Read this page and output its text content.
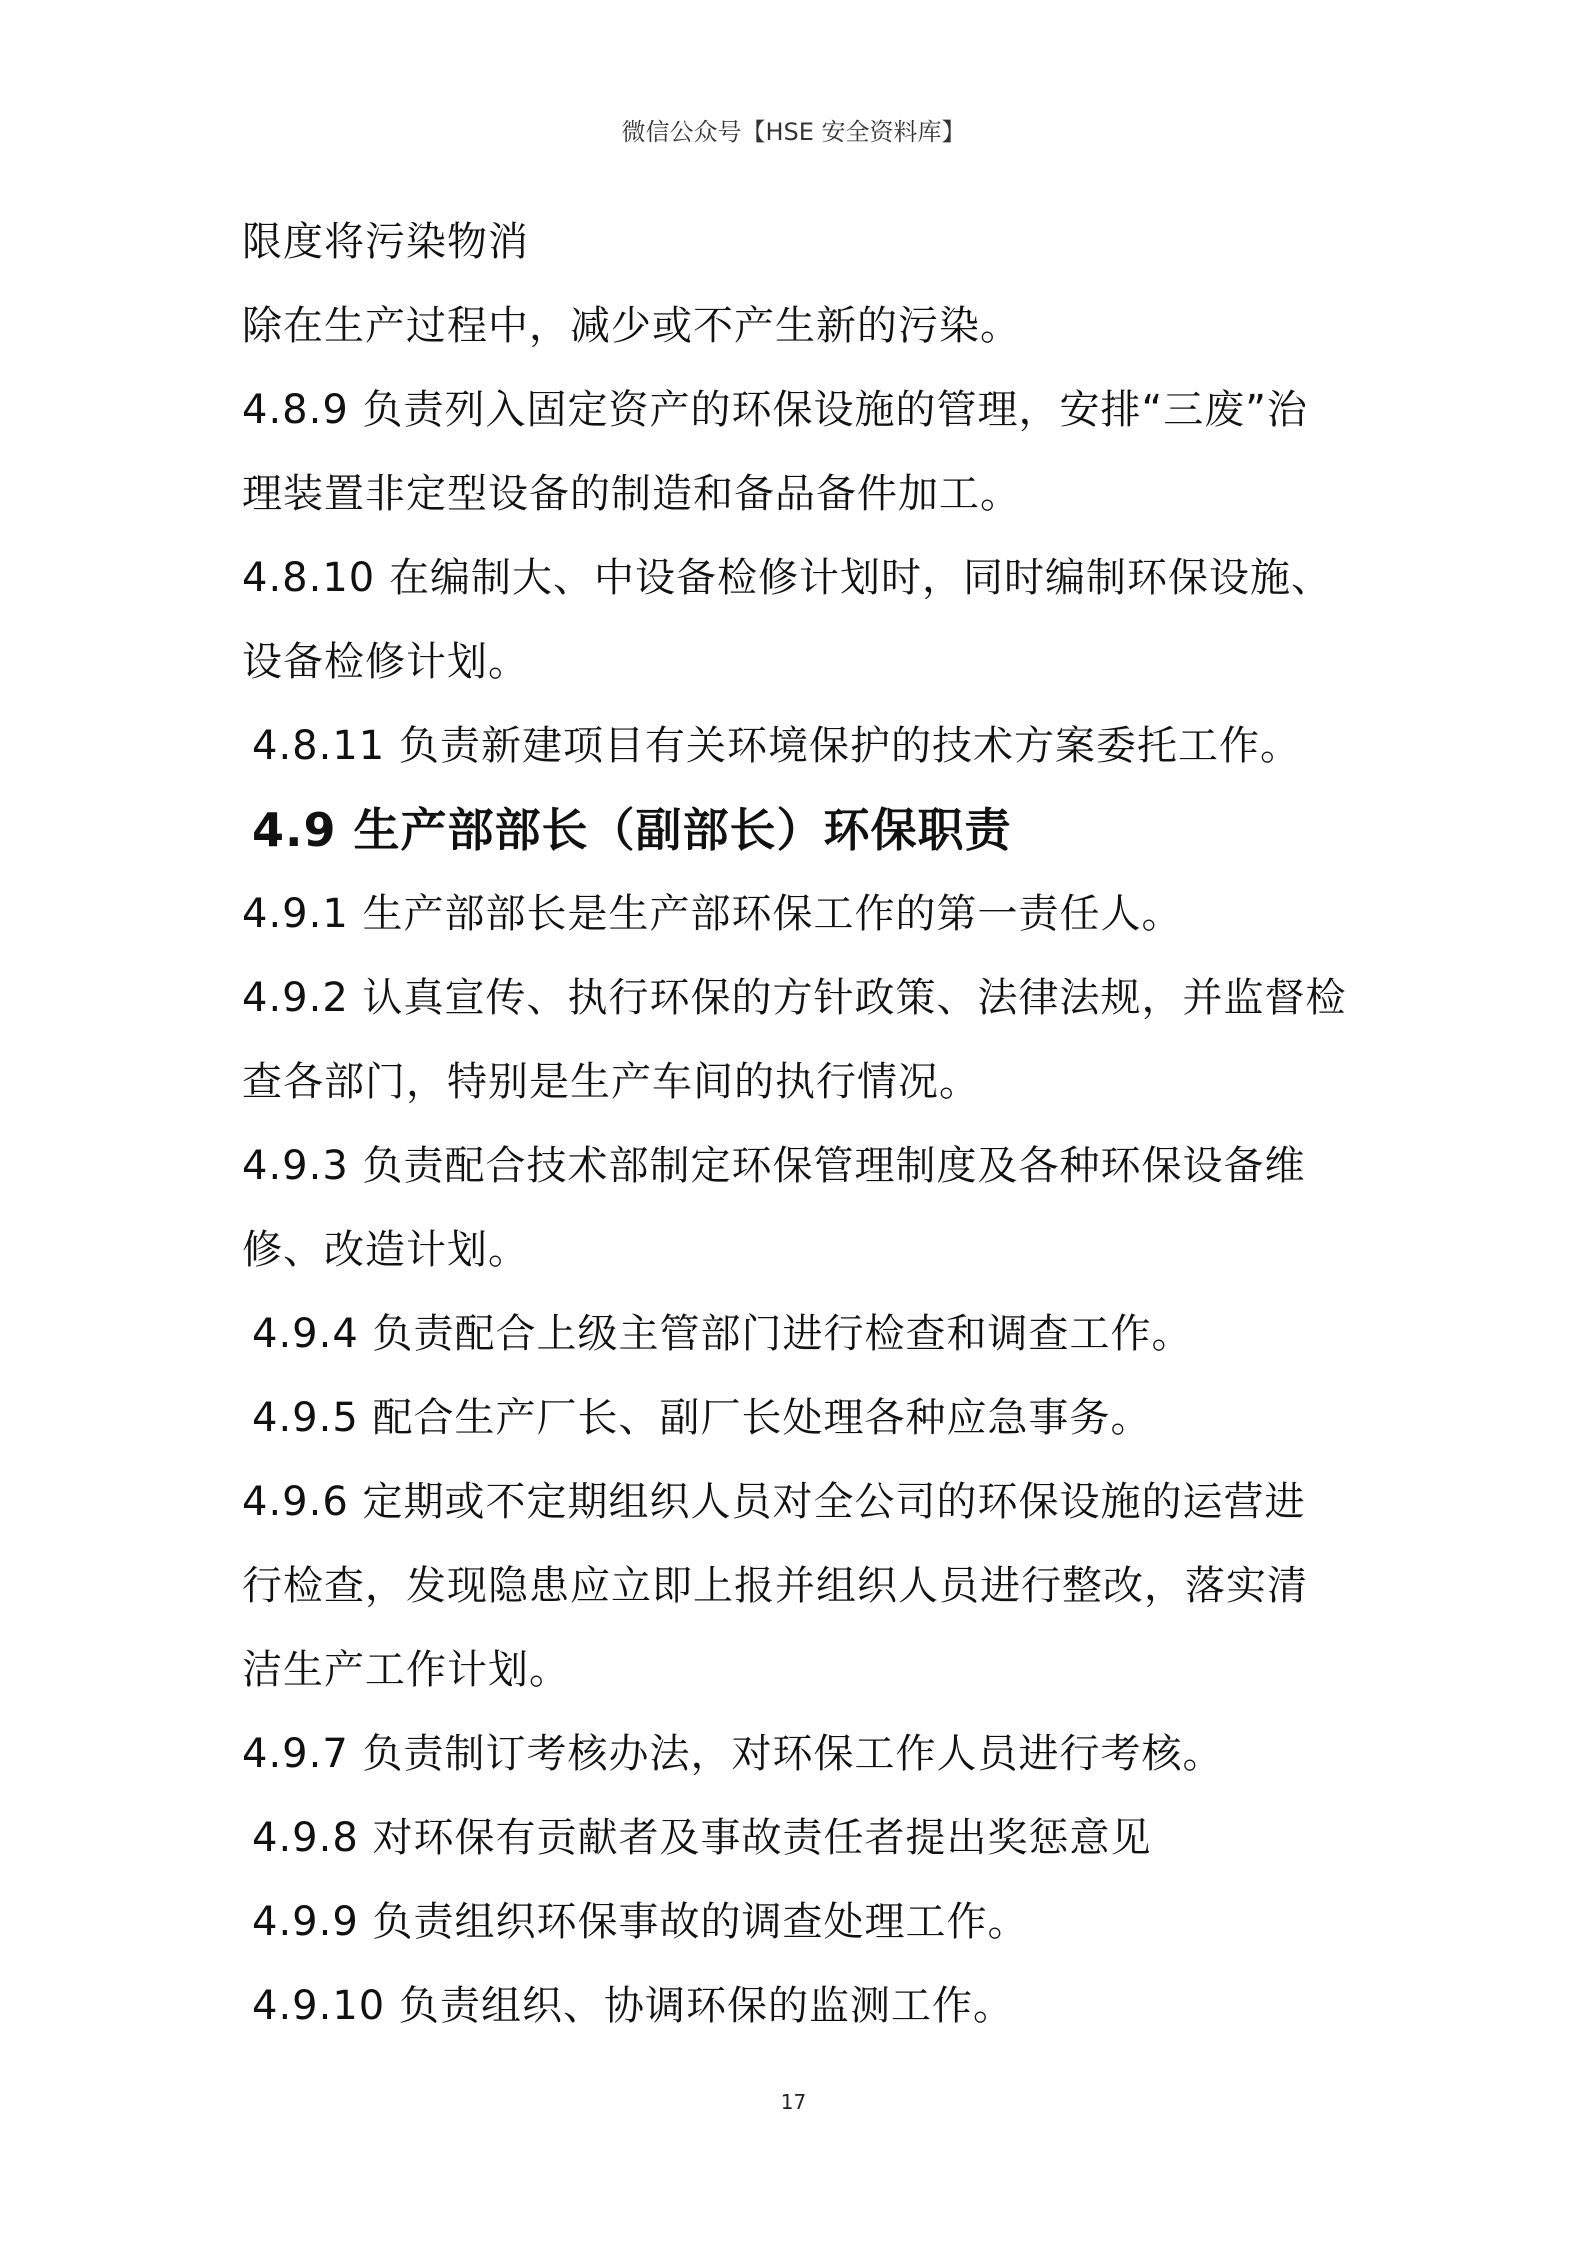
微信公众号【HSE 安全资料库】
限度将污染物消
除在生产过程中，减少或不产生新的污染。
4.8.9 负责列入固定资产的环保设施的管理，安排“三废”治
理装置非定型设备的制造和备品备件加工。
4.8.10 在编制大、中设备检修计划时，同时编制环保设施、
设备检修计划。
4.8.11 负责新建项目有关环境保护的技术方案委托工作。
4.9 生产部部长（副部长）环保职责
4.9.1 生产部部长是生产部环保工作的第一责任人。
4.9.2 认真宣传、执行环保的方针政策、法律法规，并监督检
查各部门，特别是生产车间的执行情况。
4.9.3 负责配合技术部制定环保管理制度及各种环保设备维
修、改造计划。
4.9.4 负责配合上级主管部门进行检查和调查工作。
4.9.5 配合生产厂长、副厂长处理各种应急事务。
4.9.6 定期或不定期组织人员对全公司的环保设施的运营进
行检查，发现隐患应立即上报并组织人员进行整改，落实清
洁生产工作计划。
4.9.7 负责制订考核办法，对环保工作人员进行考核。
4.9.8 对环保有贡献者及事故责任者提出奖惩意见
4.9.9 负责组织环保事故的调查处理工作。
4.9.10 负责组织、协调环保的监测工作。
17
